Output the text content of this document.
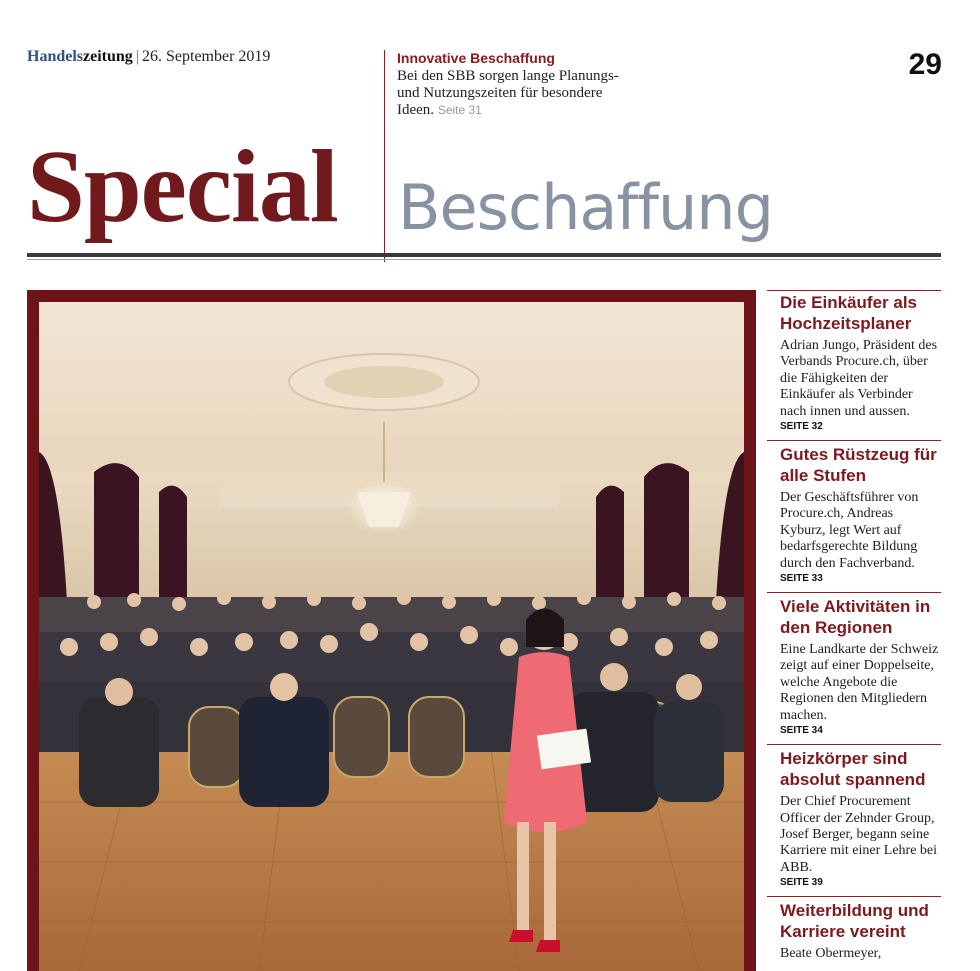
Handelszeitung | 26. September 2019	Innovative Beschaffung
Bei den SBB sorgen lange Planungs- und Nutzungszeiten für besondere Ideen. Seite 31
29
Special Beschaffung
Die Einkäufer als Hochzeitsplaner
Adrian Jungo, Präsident des Verbands Procure.ch, über die Fähigkeiten der Einkäufer als Verbinder nach innen und aussen.
SEITE 32
Gutes Rüstzeug für alle Stufen
Der Geschäftsführer von Procure.ch, Andreas Kyburz, legt Wert auf bedarfsgerechte Bildung durch den Fachverband.
SEITE 33
Viele Aktivitäten in den Regionen
Eine Landkarte der Schweiz zeigt auf einer Doppelseite, welche Angebote die Regionen den Mitgliedern machen.
SEITE 34
Heizkörper sind absolut spannend
Der Chief Procurement Officer der Zehnder Group, Josef Berger, begann seine Karriere mit einer Lehre bei ABB.
SEITE 39
Weiterbildung und Karriere vereint
Beate Obermeyer,
